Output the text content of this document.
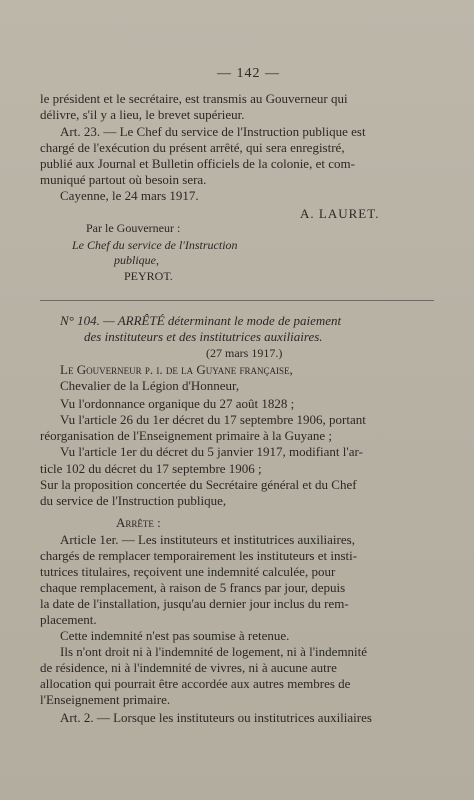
— 142 —
le président et le secrétaire, est transmis au Gouverneur qui
délivre, s'il y a lieu, le brevet supérieur.
Art. 23. — Le Chef du service de l'Instruction publique est
chargé de l'exécution du présent arrêté, qui sera enregistré,
publié aux Journal et Bulletin officiels de la colonie, et com-
muniqué partout où besoin sera.
Cayenne, le 24 mars 1917.
A. LAURET.
Par le Gouverneur :
Le Chef du service de l'Instruction
publique,
PEYROT.
N° 104. — ARRÊTÉ déterminant le mode de paiement
des instituteurs et des institutrices auxiliaires.
(27 mars 1917.)
Le Gouverneur p. i. de la Guyane française,
Chevalier de la Légion d'Honneur,
Vu l'ordonnance organique du 27 août 1828 ;
Vu l'article 26 du 1er décret du 17 septembre 1906, portant
réorganisation de l'Enseignement primaire à la Guyane ;
Vu l'article 1er du décret du 5 janvier 1917, modifiant l'ar-
ticle 102 du décret du 17 septembre 1906 ;
Sur la proposition concertée du Secrétaire général et du Chef
du service de l'Instruction publique,
Arrête :
Article 1er. — Les instituteurs et institutrices auxiliaires,
chargés de remplacer temporairement les instituteurs et insti-
tutrices titulaires, reçoivent une indemnité calculée, pour
chaque remplacement, à raison de 5 francs par jour, depuis
la date de l'installation, jusqu'au dernier jour inclus du rem-
placement.
Cette indemnité n'est pas soumise à retenue.
Ils n'ont droit ni à l'indemnité de logement, ni à l'indemnité
de résidence, ni à l'indemnité de vivres, ni à aucune autre
allocation qui pourrait être accordée aux autres membres de
l'Enseignement primaire.
Art. 2. — Lorsque les instituteurs ou institutrices auxiliaires
